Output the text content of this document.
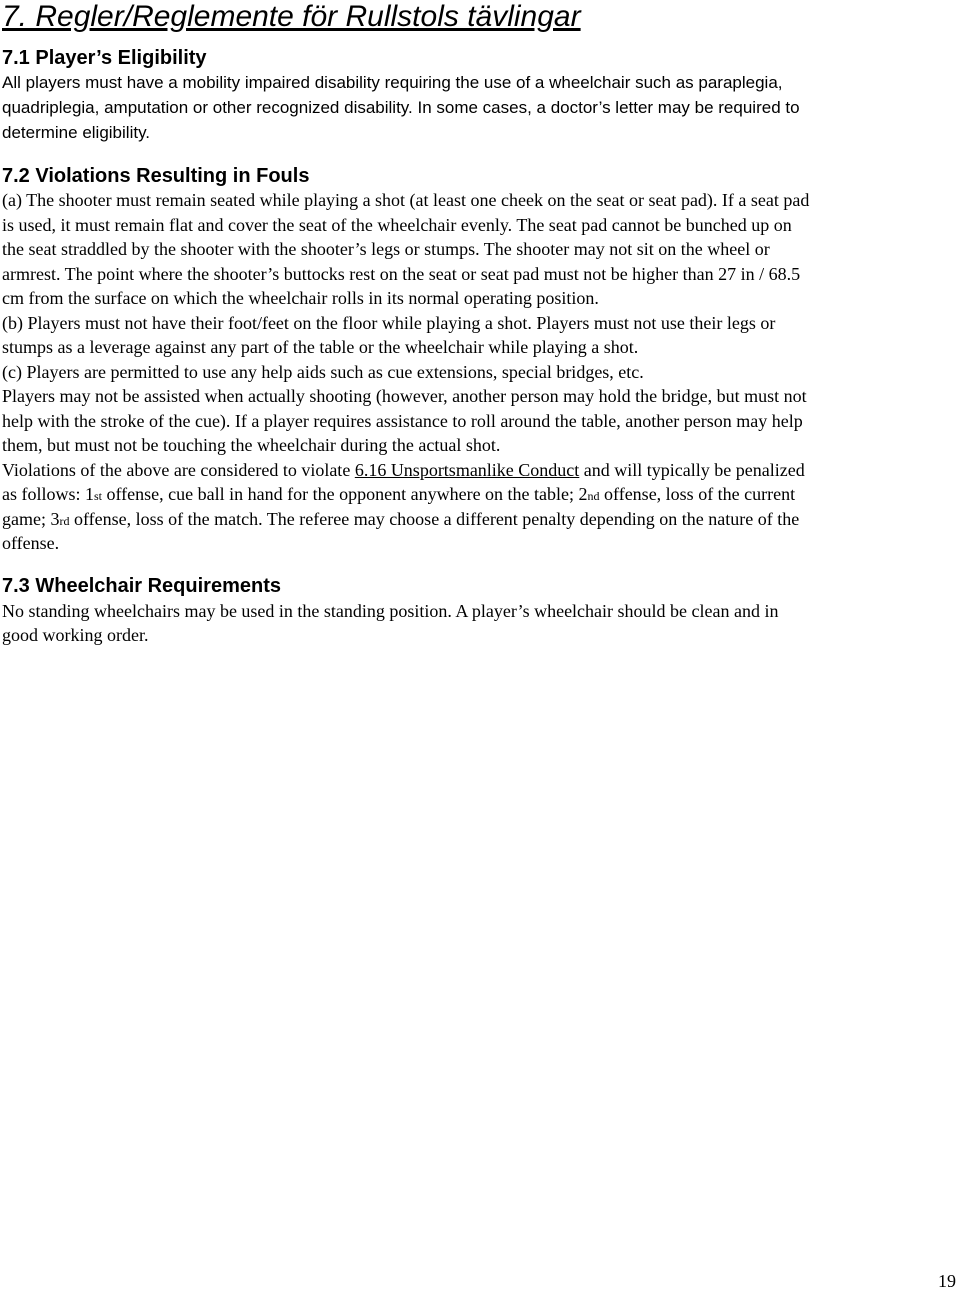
7. Regler/Reglemente för Rullstols tävlingar
7.1 Player’s Eligibility

All players must have a mobility impaired disability requiring the use of a wheelchair such as paraplegia,

quadriplegia, amputation or other recognized disability. In some cases, a doctor’s letter may be required to

determine eligibility.

7.2 Violations Resulting in Fouls

(a) The shooter must remain seated while playing a shot (at least one cheek on the seat or seat pad). If a seat pad

is used, it must remain flat and cover the seat of the wheelchair evenly. The seat pad cannot be bunched up on

the seat straddled by the shooter with the shooter’s legs or stumps. The shooter may not sit on the wheel or

armrest. The point where the shooter’s buttocks rest on the seat or seat pad must not be higher than 27 in / 68.5

cm from the surface on which the wheelchair rolls in its normal operating position.

(b) Players must not have their foot/feet on the floor while playing a shot. Players must not use their legs or

stumps as a leverage against any part of the table or the wheelchair while playing a shot.

(c) Players are permitted to use any help aids such as cue extensions, special bridges, etc.

Players may not be assisted when actually shooting (however, another person may hold the bridge, but must not

help with the stroke of the cue). If a player requires assistance to roll around the table, another person may help

them, but must not be touching the wheelchair during the actual shot.

Violations of the above are considered to violate 6.16 Unsportsmanlike Conduct and will typically be penalized

as follows: 1st offense, cue ball in hand for the opponent anywhere on the table; 2nd offense, loss of the current

game; 3rd offense, loss of the match. The referee may choose a different penalty depending on the nature of the

offense.

7.3 Wheelchair Requirements

No standing wheelchairs may be used in the standing position. A player’s wheelchair should be clean and in

good working order.

19
